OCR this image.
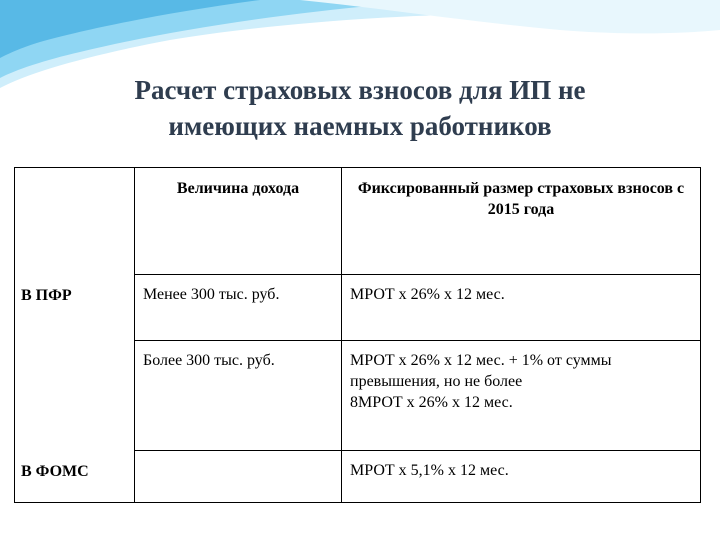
Расчет страховых взносов для ИП не
имеющих наемных работников
	Величина дохода	Фиксированный размер страховых взносов с 2015 года
В ПФР	Менее 300 тыс. руб.	МРОТ х 26% х 12 мес.
	Более 300 тыс. руб.	МРОТ х 26% х 12 мес. + 1% от суммы
превышения, но не более
8МРОТ х 26% х 12 мес.

В ФОМС		МРОТ х 5,1% х 12 мес.
